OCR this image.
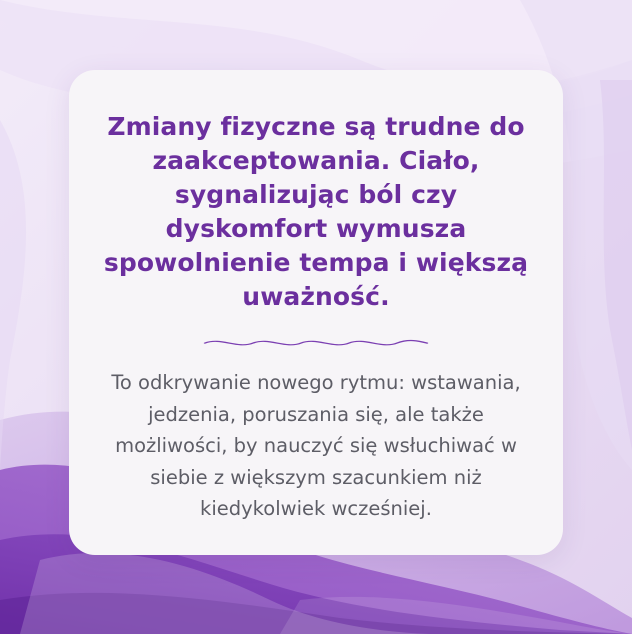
Zmiany fizyczne są trudne do zaakceptowania. Ciało, sygnalizując ból czy dyskomfort wymusza spowolnienie tempa i większą uważność.

To odkrywanie nowego rytmu: wstawania, jedzenia, poruszania się, ale także możliwości, by nauczyć się wsłuchiwać w siebie z większym szacunkiem niż kiedykolwiek wcześniej.
